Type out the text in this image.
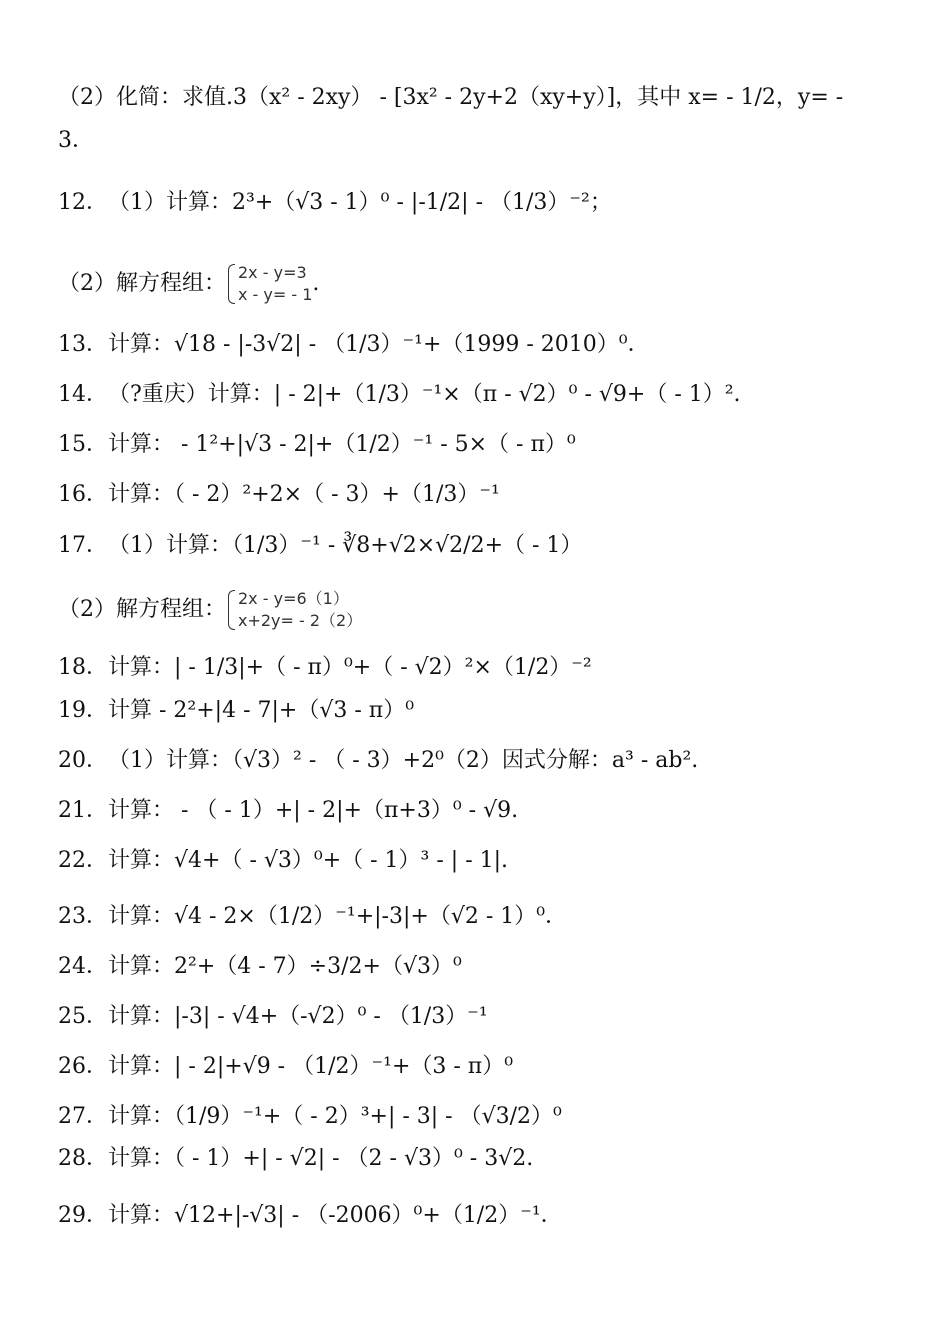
（2）化简：求值.3（x² - 2xy） - [3x² - 2y+2（xy+y）]，其中 x= - 1/2，y= -
3．
12．（1）计算：2³+（√3 - 1）⁰ - |-1/2| - （1/3）⁻²；
（2）解方程组： 2x - y=3
x - y= - 1 .
13．计算：√18 - |-3√2| - （1/3）⁻¹+（1999 - 2010）⁰．
14．（?重庆）计算：| - 2|+（1/3）⁻¹×（π - √2）⁰ - √9+（ - 1）².
15．计算： - 1²+|√3 - 2|+（1/2）⁻¹ - 5×（ - π）⁰
16．计算：（ - 2）²+2×（ - 3）+（1/3）⁻¹
17．（1）计算：（1/3）⁻¹ - ∛8+√2×√2/2+（ - 1）
（2）解方程组： 2x - y=6（1）
x+2y= - 2（2）
18．计算：| - 1/3|+（ - π）⁰+（ - √2）²×（1/2）⁻²
19．计算 - 2²+|4 - 7|+（√3 - π）⁰
20．（1）计算：（√3）² - （ - 3）+2⁰（2）因式分解：a³ - ab².
21．计算： - （ - 1）+| - 2|+（π+3）⁰ - √9.
22．计算：√4+（ - √3）⁰+（ - 1）³ - | - 1|.
23．计算：√4 - 2×（1/2）⁻¹+|-3|+（√2 - 1）⁰．
24．计算：2²+（4 - 7）÷3/2+（√3）⁰
25．计算：|-3| - √4+（-√2）⁰ - （1/3）⁻¹
26．计算：| - 2|+√9 - （1/2）⁻¹+（3 - π）⁰
27．计算：（1/9）⁻¹+（ - 2）³+| - 3| - （√3/2）⁰
28．计算：（ - 1）+| - √2| - （2 - √3）⁰ - 3√2.
29．计算：√12+|-√3| - （-2006）⁰+（1/2）⁻¹．
